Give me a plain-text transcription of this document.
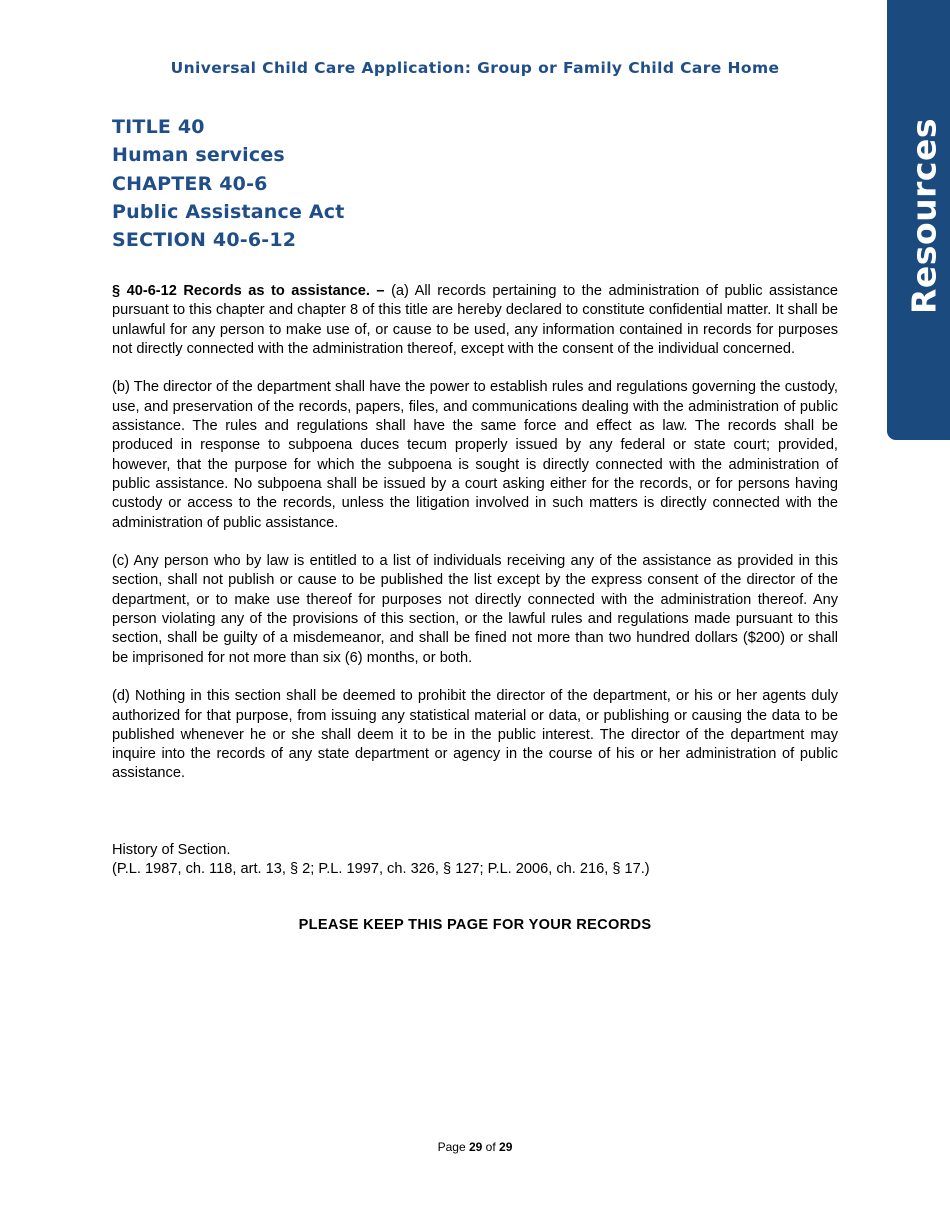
Resources
Universal Child Care Application: Group or Family Child Care Home
TITLE 40
Human services
CHAPTER 40-6
Public Assistance Act
SECTION 40-6-12

§ 40-6-12 Records as to assistance. – (a) All records pertaining to the administration of public assistance pursuant to this chapter and chapter 8 of this title are hereby declared to constitute confidential matter. It shall be unlawful for any person to make use of, or cause to be used, any information contained in records for purposes not directly connected with the administration thereof, except with the consent of the individual concerned.

(b) The director of the department shall have the power to establish rules and regulations governing the custody, use, and preservation of the records, papers, files, and communications dealing with the administration of public assistance. The rules and regulations shall have the same force and effect as law. The records shall be produced in response to subpoena duces tecum properly issued by any federal or state court; provided, however, that the purpose for which the subpoena is sought is directly connected with the administration of public assistance. No subpoena shall be issued by a court asking either for the records, or for persons having custody or access to the records, unless the litigation involved in such matters is directly connected with the administration of public assistance.

(c) Any person who by law is entitled to a list of individuals receiving any of the assistance as provided in this section, shall not publish or cause to be published the list except by the express consent of the director of the department, or to make use thereof for purposes not directly connected with the administration thereof. Any person violating any of the provisions of this section, or the lawful rules and regulations made pursuant to this section, shall be guilty of a misdemeanor, and shall be fined not more than two hundred dollars ($200) or shall be imprisoned for not more than six (6) months, or both.

(d) Nothing in this section shall be deemed to prohibit the director of the department, or his or her agents duly authorized for that purpose, from issuing any statistical material or data, or publishing or causing the data to be published whenever he or she shall deem it to be in the public interest. The director of the department may inquire into the records of any state department or agency in the course of his or her administration of public assistance.

History of Section.
(P.L. 1987, ch. 118, art. 13, § 2; P.L. 1997, ch. 326, § 127; P.L. 2006, ch. 216, § 17.)
PLEASE KEEP THIS PAGE FOR YOUR RECORDS
Page 29 of 29
